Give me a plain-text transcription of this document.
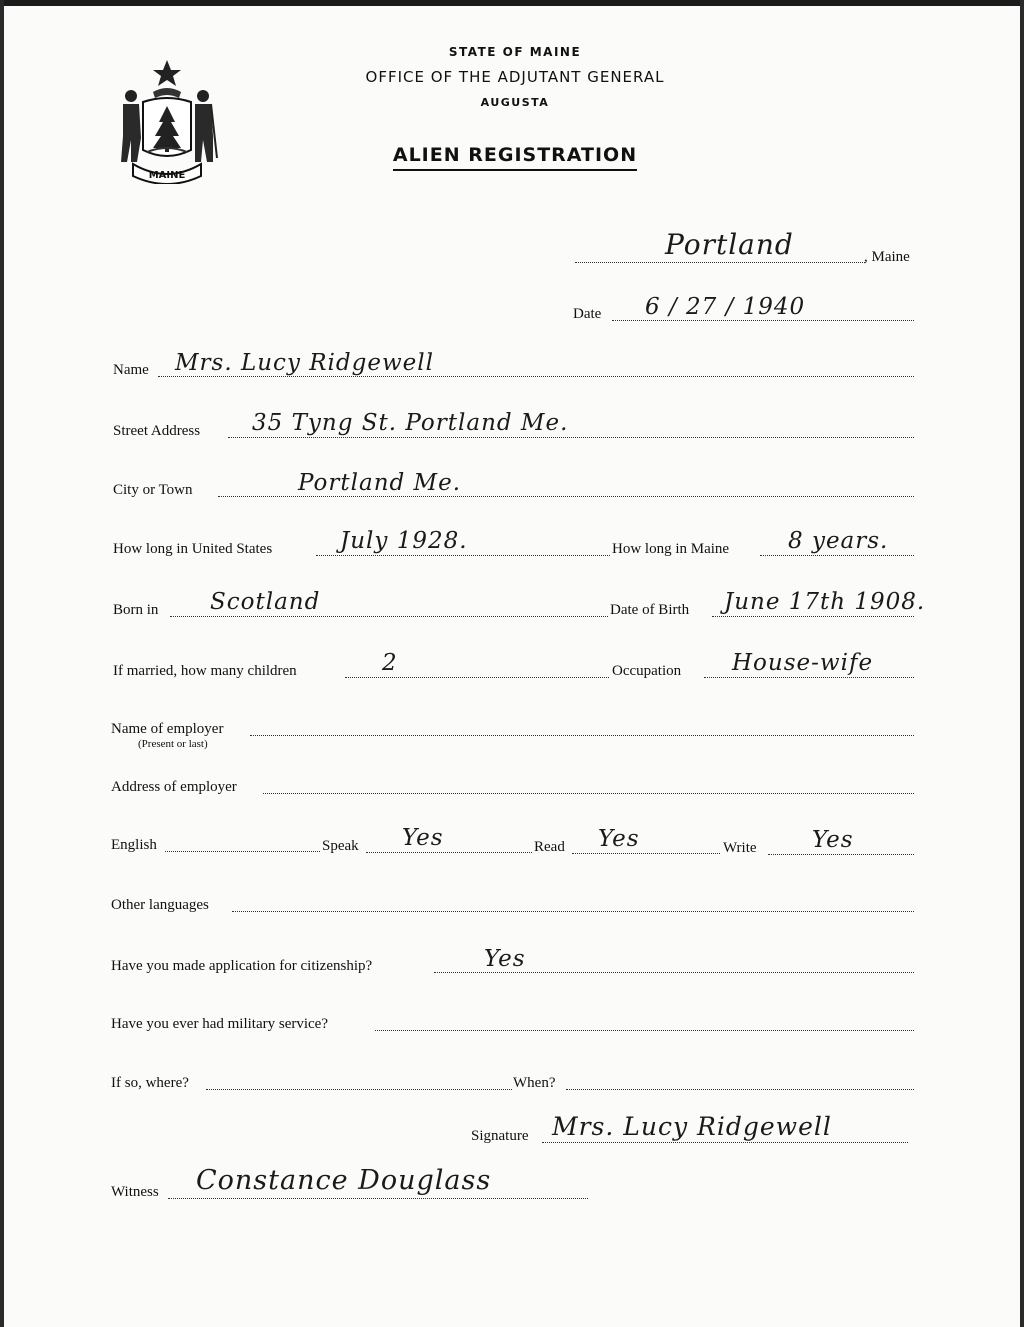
MAINE
STATE OF MAINE
OFFICE OF THE ADJUTANT GENERAL
AUGUSTA
ALIEN REGISTRATION
Portland	, Maine
Date 6 / 27 / 1940
Name Mrs. Lucy Ridgewell
Street Address 35 Tyng St. Portland Me.
City or Town	Portland Me.
How long in United States	July 1928.	How long in Maine	8 years.
Born in Scotland	Date of Birth June 17th 1908.
If married, how many children	2	Occupation House-wife
Name of employer
(Present or last)
Address of employer
English	Speak Yes	Read Yes	Write Yes
Other languages
Have you made application for citizenship?	Yes
Have you ever had military service?
If so, where?	When?
Signature Mrs. Lucy Ridgewell
Witness Constance Douglass
